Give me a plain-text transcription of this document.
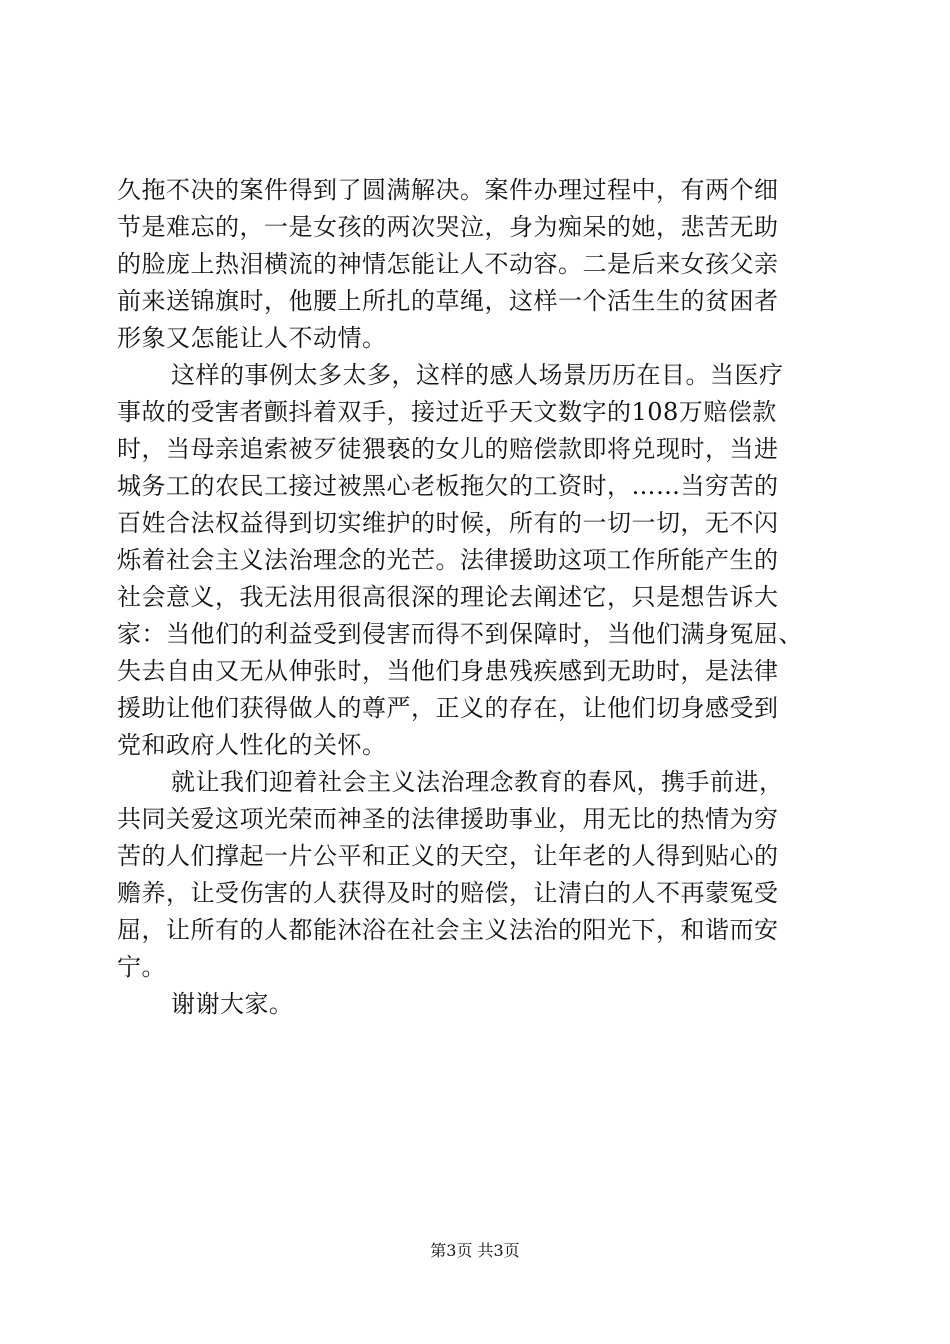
久拖不决的案件得到了圆满解决。案件办理过程中，有两个细
节是难忘的，一是女孩的两次哭泣，身为痴呆的她，悲苦无助
的脸庞上热泪横流的神情怎能让人不动容。二是后来女孩父亲
前来送锦旗时，他腰上所扎的草绳，这样一个活生生的贫困者
形象又怎能让人不动情。
这样的事例太多太多，这样的感人场景历历在目。当医疗
事故的受害者颤抖着双手，接过近乎天文数字的108万赔偿款
时，当母亲追索被歹徒猥亵的女儿的赔偿款即将兑现时，当进
城务工的农民工接过被黑心老板拖欠的工资时，……当穷苦的
百姓合法权益得到切实维护的时候，所有的一切一切，无不闪
烁着社会主义法治理念的光芒。法律援助这项工作所能产生的
社会意义，我无法用很高很深的理论去阐述它，只是想告诉大
家：当他们的利益受到侵害而得不到保障时，当他们满身冤屈、
失去自由又无从伸张时，当他们身患残疾感到无助时，是法律
援助让他们获得做人的尊严，正义的存在，让他们切身感受到
党和政府人性化的关怀。
就让我们迎着社会主义法治理念教育的春风，携手前进，
共同关爱这项光荣而神圣的法律援助事业，用无比的热情为穷
苦的人们撑起一片公平和正义的天空，让年老的人得到贴心的
赡养，让受伤害的人获得及时的赔偿，让清白的人不再蒙冤受
屈，让所有的人都能沐浴在社会主义法治的阳光下，和谐而安
宁。
谢谢大家。
第3页 共3页
